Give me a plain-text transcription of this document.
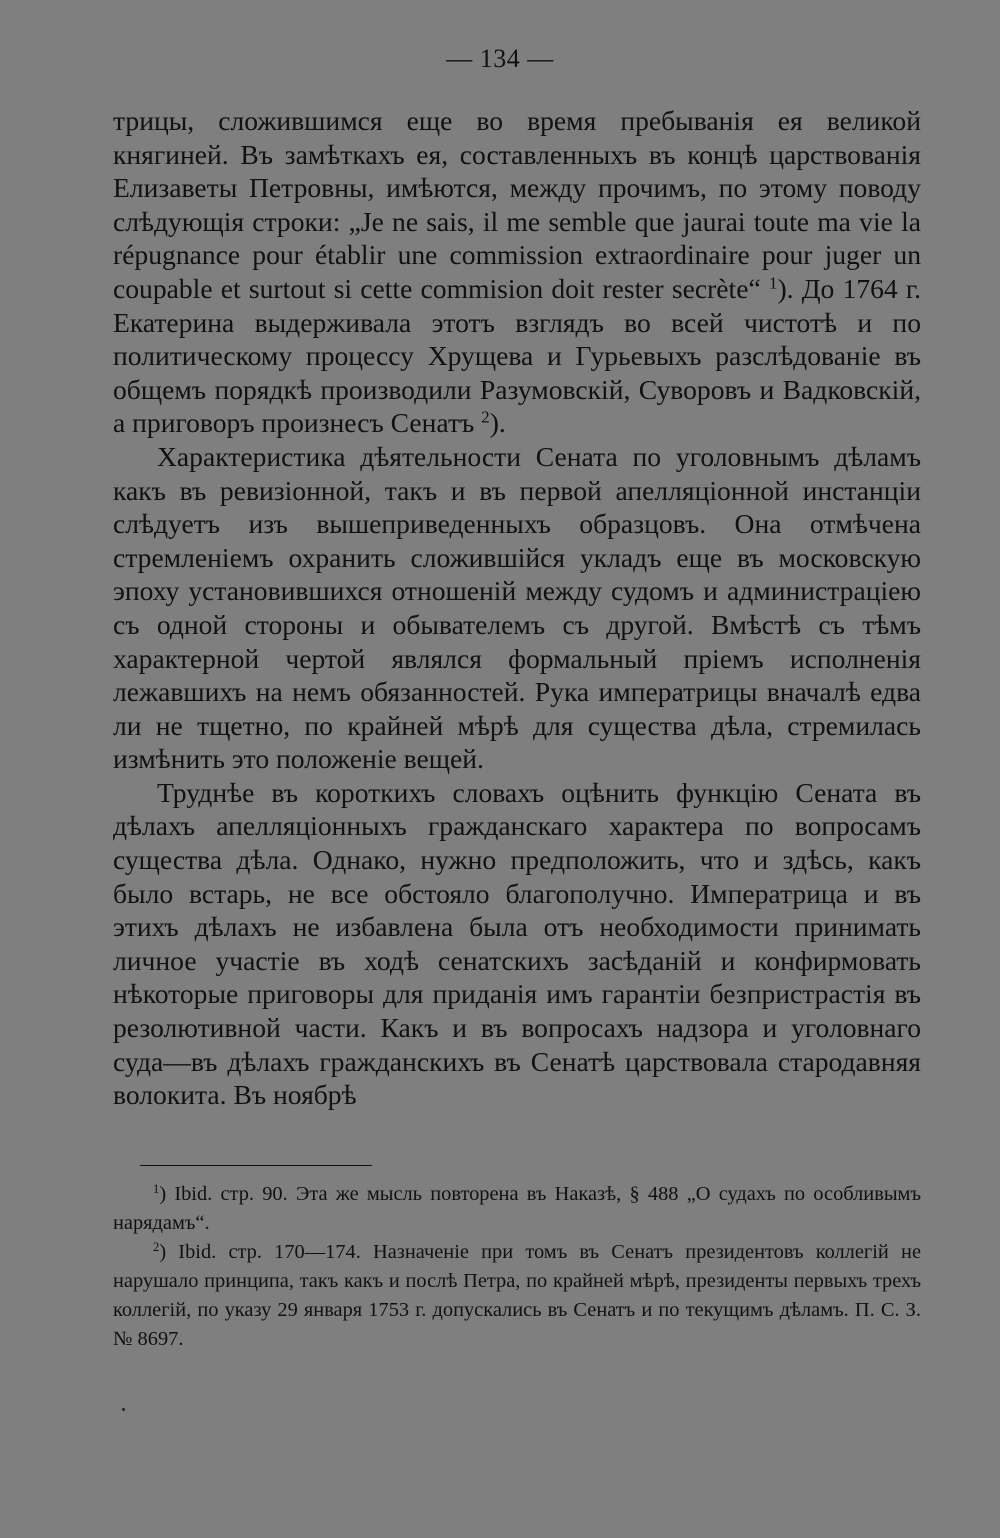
— 134 —

трицы, сложившимся еще во время пребыванія ея великой княгиней. Въ замѣткахъ ея, составленныхъ въ концѣ царствованія Елизаветы Петровны, имѣются, между прочимъ, по этому поводу слѣдующія строки: „Je ne sais, il me semble que jaurai toute ma vie la répugnance pour établir une commission extraordinaire pour juger un coupable et surtout si cette commision doit rester secrète“ $^1$). До 1764 г. Екатерина выдерживала этотъ взглядъ во всей чистотѣ и по политическому процессу Хрущева и Гурьевыхъ разслѣдованіе въ общемъ порядкѣ производили Разумовскій, Суворовъ и Вадковскій, а приговоръ произнесъ Сенатъ $^2$).

Характеристика дѣятельности Сената по уголовнымъ дѣламъ какъ въ ревизіонной, такъ и въ первой апелляціонной инстанціи слѣдуетъ изъ вышеприведенныхъ образцовъ. Она отмѣчена стремленіемъ охранить сложившійся укладъ еще въ московскую эпоху установившихся отношеній между судомъ и администраціею съ одной стороны и обывателемъ съ другой. Вмѣстѣ съ тѣмъ характерной чертой являлся формальный пріемъ исполненія лежавшихъ на немъ обязанностей. Рука императрицы вначалѣ едва ли не тщетно, по крайней мѣрѣ для существа дѣла, стремилась измѣнить это положеніе вещей.

Труднѣе въ короткихъ словахъ оцѣнить функцію Сената въ дѣлахъ апелляціонныхъ гражданскаго характера по вопросамъ существа дѣла. Однако, нужно предположить, что и здѣсь, какъ было встарь, не все обстояло благополучно. Императрица и въ этихъ дѣлахъ не избавлена была отъ необходимости принимать личное участіе въ ходѣ сенатскихъ засѣданій и конфирмовать нѣкоторые приговоры для приданія имъ гарантіи безпристрастія въ резолютивной части. Какъ и въ вопросахъ надзора и уголовнаго суда—въ дѣлахъ гражданскихъ въ Сенатѣ царствовала стародавняя волокита. Въ ноябрѣ

$^1$) Ibid. стр. 90. Эта же мысль повторена въ Наказѣ, § 488 „О судахъ по особливымъ нарядамъ“.

$^2$) Ibid. стр. 170—174. Назначеніе при томъ въ Сенатъ президентовъ коллегій не нарушало принципа, такъ какъ и послѣ Петра, по крайней мѣрѣ, президенты первыхъ трехъ коллегій, по указу 29 января 1753 г. допускались въ Сенатъ и по текущимъ дѣламъ. П. С. З. № 8697.
